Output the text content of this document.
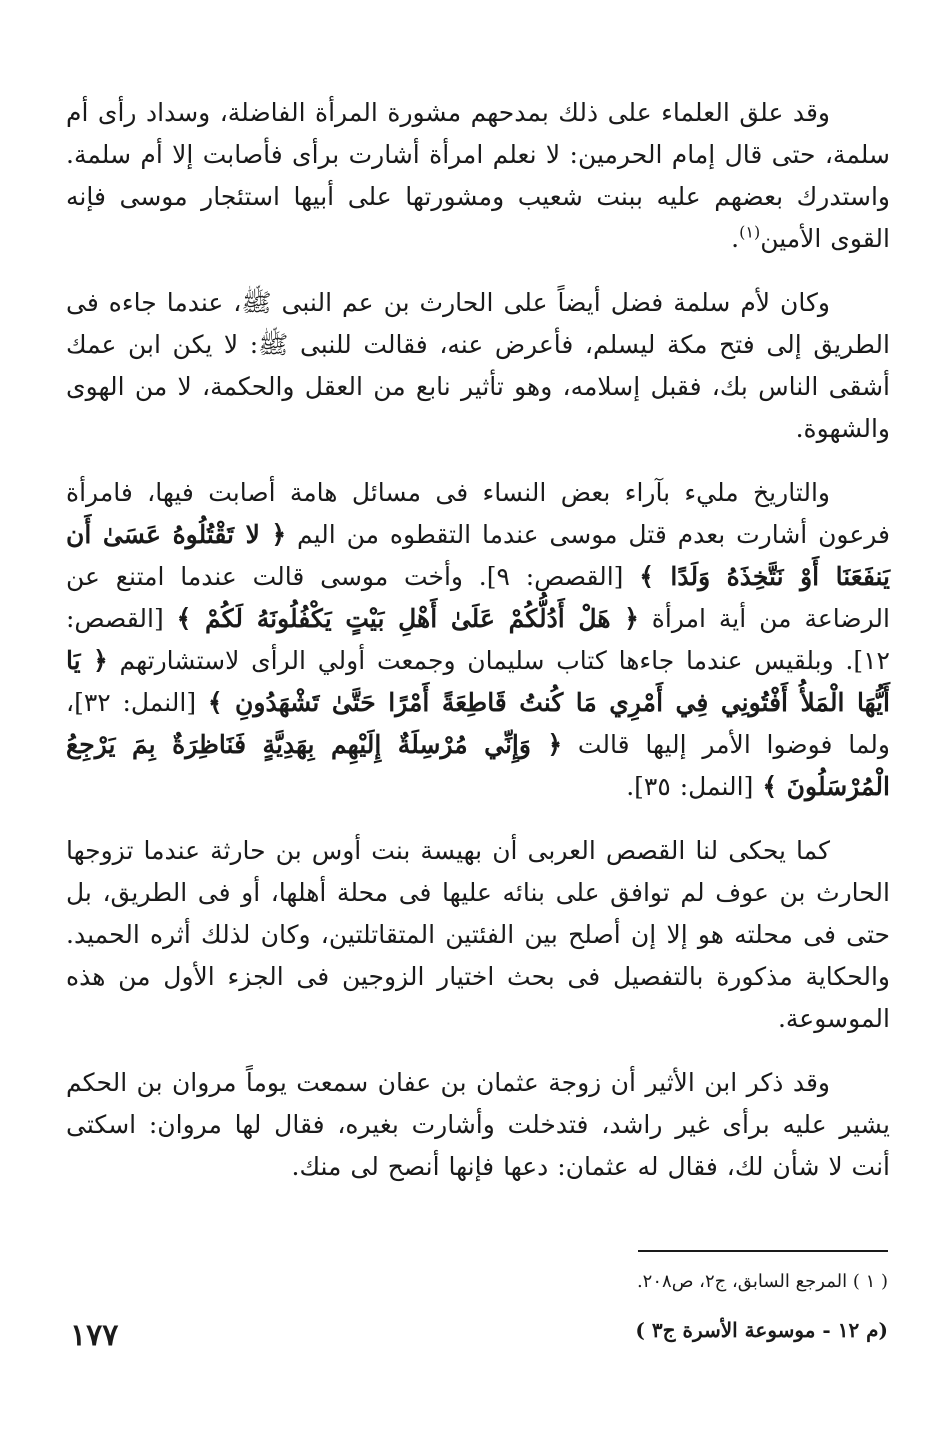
وقد علق العلماء على ذلك بمدحهم مشورة المرأة الفاضلة، وسداد رأى أم سلمة، حتى قال إمام الحرمين: لا نعلم امرأة أشارت برأى فأصابت إلا أم سلمة. واستدرك بعضهم عليه ببنت شعيب ومشورتها على أبيها استئجار موسى فإنه القوى الأمين$^{(١)}$.

وكان لأم سلمة فضل أيضاً على الحارث بن عم النبى ﷺ، عندما جاءه فى الطريق إلى فتح مكة ليسلم، فأعرض عنه، فقالت للنبى ﷺ: لا يكن ابن عمك أشقى الناس بك، فقبل إسلامه، وهو تأثير نابع من العقل والحكمة، لا من الهوى والشهوة.

والتاريخ مليء بآراء بعض النساء فى مسائل هامة أصابت فيها، فامرأة فرعون أشارت بعدم قتل موسى عندما التقطوه من اليم ﴿ لا تَقْتُلُوهُ عَسَىٰ أَن يَنفَعَنَا أَوْ نَتَّخِذَهُ وَلَدًا ﴾ [القصص: ٩]. وأخت موسى قالت عندما امتنع عن الرضاعة من أية امرأة ﴿ هَلْ أَدُلُّكُمْ عَلَىٰ أَهْلِ بَيْتٍ يَكْفُلُونَهُ لَكُمْ ﴾ [القصص: ١٢]. وبلقيس عندما جاءها كتاب سليمان وجمعت أولي الرأى لاستشارتهم ﴿ يَا أَيُّهَا الْمَلأُ أَفْتُونِي فِي أَمْرِي مَا كُنتُ قَاطِعَةً أَمْرًا حَتَّىٰ تَشْهَدُونِ ﴾ [النمل: ٣٢]، ولما فوضوا الأمر إليها قالت ﴿ وَإِنِّي مُرْسِلَةٌ إِلَيْهِم بِهَدِيَّةٍ فَنَاظِرَةٌ بِمَ يَرْجِعُ الْمُرْسَلُونَ ﴾ [النمل: ٣٥].

كما يحكى لنا القصص العربى أن بهيسة بنت أوس بن حارثة عندما تزوجها الحارث بن عوف لم توافق على بنائه عليها فى محلة أهلها، أو فى الطريق، بل حتى فى محلته هو إلا إن أصلح بين الفئتين المتقاتلتين، وكان لذلك أثره الحميد. والحكاية مذكورة بالتفصيل فى بحث اختيار الزوجين فى الجزء الأول من هذه الموسوعة.

وقد ذكر ابن الأثير أن زوجة عثمان بن عفان سمعت يوماً مروان بن الحكم يشير عليه برأى غير راشد، فتدخلت وأشارت بغيره، فقال لها مروان: اسكتى أنت لا شأن لك، فقال له عثمان: دعها فإنها أنصح لى منك.

( ١ ) المرجع السابق، ج٢، ص٢٠٨.
(م ١٢ - موسوعة الأسرة ج٣ )
١٧٧
